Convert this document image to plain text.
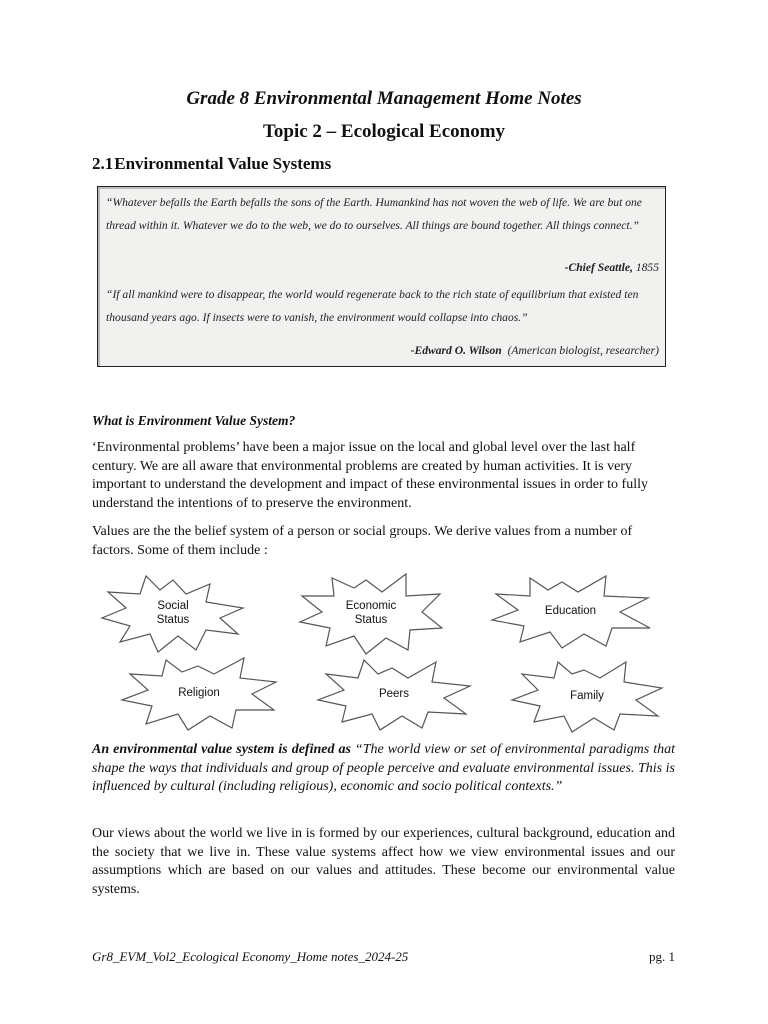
Grade 8 Environmental Management Home Notes
Topic 2 – Ecological Economy
2.1Environmental Value Systems

“Whatever befalls the Earth befalls the sons of the Earth. Humankind has not woven the web of life. We are but one thread within it. Whatever we do to the web, we do to ourselves. All things are bound together. All things connect.”

-Chief Seattle, 1855

“If all mankind were to disappear, the world would regenerate back to the rich state of equilibrium that existed ten thousand years ago. If insects were to vanish, the environment would collapse into chaos.”

-Edward O. Wilson (American biologist, researcher)

What is Environment Value System?

‘Environmental problems’ have been a major issue on the local and global level over the last half century. We are all aware that environmental problems are created by human activities. It is very important to understand the development and impact of these environmental issues in order to fully understand the intentions of to preserve the environment.

Values are the the belief system of a person or social groups. We derive values from a number of factors. Some of them include :

Social
Status
Economic
Status
Education
Religion	Peers	Family

An environmental value system is defined as “The world view or set of environmental paradigms that shape the ways that individuals and group of people perceive and evaluate environmental issues. This is influenced by cultural (including religious), economic and socio political contexts.”

Our views about the world we live in is formed by our experiences, cultural background, education and the society that we live in. These value systems affect how we view environmental issues and our assumptions which are based on our values and attitudes. These become our environmental value systems.

Gr8_EVM_Vol2_Ecological Economy_Home notes_2024-25	pg. 1
